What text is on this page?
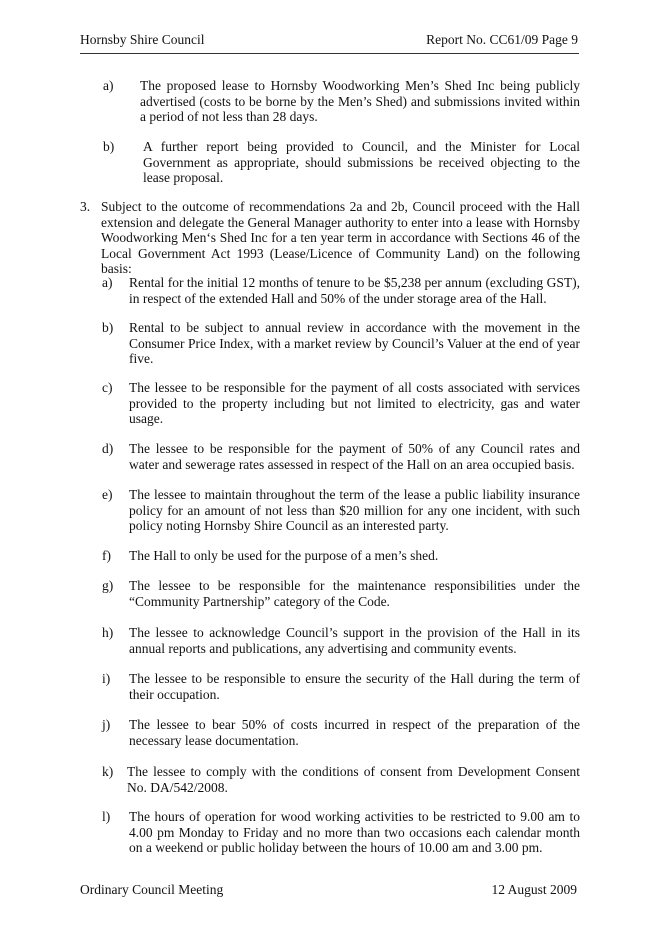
Hornsby Shire Council	Report No. CC61/09 Page 9
a) The proposed lease to Hornsby Woodworking Men’s Shed Inc being publicly advertised (costs to be borne by the Men’s Shed) and submissions invited within a period of not less than 28 days.
b) A further report being provided to Council, and the Minister for Local Government as appropriate, should submissions be received objecting to the lease proposal.
3. Subject to the outcome of recommendations 2a and 2b, Council proceed with the Hall extension and delegate the General Manager authority to enter into a lease with Hornsby Woodworking Men‘s Shed Inc for a ten year term in accordance with Sections 46 of the Local Government Act 1993 (Lease/Licence of Community Land) on the following basis:
a) Rental for the initial 12 months of tenure to be $5,238 per annum (excluding GST), in respect of the extended Hall and 50% of the under storage area of the Hall.
b) Rental to be subject to annual review in accordance with the movement in the Consumer Price Index, with a market review by Council’s Valuer at the end of year five.
c) The lessee to be responsible for the payment of all costs associated with services provided to the property including but not limited to electricity, gas and water usage.
d) The lessee to be responsible for the payment of 50% of any Council rates and water and sewerage rates assessed in respect of the Hall on an area occupied basis.
e) The lessee to maintain throughout the term of the lease a public liability insurance policy for an amount of not less than $20 million for any one incident, with such policy noting Hornsby Shire Council as an interested party.
f) The Hall to only be used for the purpose of a men’s shed.
g) The lessee to be responsible for the maintenance responsibilities under the “Community Partnership” category of the Code.
h) The lessee to acknowledge Council’s support in the provision of the Hall in its annual reports and publications, any advertising and community events.
i) The lessee to be responsible to ensure the security of the Hall during the term of their occupation.
j) The lessee to bear 50% of costs incurred in respect of the preparation of the necessary lease documentation.
k) The lessee to comply with the conditions of consent from Development Consent No. DA/542/2008.
l) The hours of operation for wood working activities to be restricted to 9.00 am to 4.00 pm Monday to Friday and no more than two occasions each calendar month on a weekend or public holiday between the hours of 10.00 am and 3.00 pm.
Ordinary Council Meeting	12 August 2009
